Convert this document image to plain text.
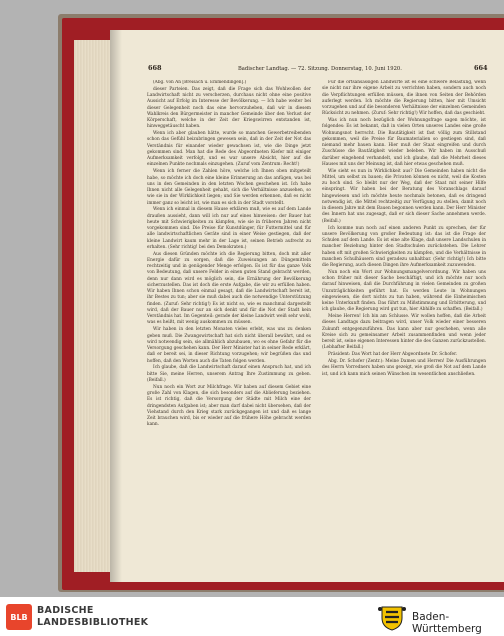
668	Badischer Landtag. — 72. Sitzung. Donnerstag, 10. Juni 1920.	664

(Abg. von An [Breisach u. Emmendingen].)

dieser Parteien. Das zeigt, daß die Frage sich das Wohlwollen der Landwirtschaft nicht zu verscherzen, durchaus nicht ohne eine positive Aussicht auf Erfolg im Interesse der Bevölkerung. — Ich habe weiter bei dieser Gelegenheit noch das eine hervorzuheben, daß wir in diesem Wahlkreis den Bürgermeister in mancher Gemeinde über den Verlust der Körperschaft, welche in der Zeit der Kriegswirren entstanden ist, hinweggetäuscht haben.

Wenn ich aber glauben hätte, wurde so manchen Gewerbetreibenden schon das Gefühl beizubringen gewesen sein, daß in der Zeit der Not das Verständnis für einander wieder gewachsen ist, wie die Dinge jetzt gekommen sind. Man hat die Rede des Abgeordneten Kiefer mit einiger Aufmerksamkeit verfolgt, und es war unsere Absicht, hier auf die einzelnen Punkte nochmals einzugehen. (Zuruf vom Zentrum: Recht!)

Wenn ich ferner die Zahlen höre, welche ich Ihnen oben mitgeteilt habe, so möchte ich doch eine kleine Erinnerung an das anfügen, was bei uns in den Gemeinden in den letzten Wochen geschehen ist. Ich habe Ihnen nicht alle Gelegenheit gehabt, sich die Verhältnisse anzusehen, so wie sie in der Wirklichkeit liegen; und Sie werden erkennen, daß es nicht immer ganz so leicht ist, wie man es sich in der Stadt vorstellt.

Wenn ich einmal in diesem Hause erklären muß, wie es auf dem Lande draußen aussieht, dann will ich nur auf eines hinweisen: der Bauer hat heute mit Schwierigkeiten zu kämpfen, wie sie in früheren Jahren nicht vorgekommen sind. Die Preise für Kunstdünger, für Futtermittel und für alle landwirtschaftlichen Geräte sind in einer Weise gestiegen, daß der kleine Landwirt kaum mehr in der Lage ist, seinen Betrieb aufrecht zu erhalten. (Sehr richtig! bei den Demokraten.)

Aus diesen Gründen möchte ich die Regierung bitten, doch mit aller Energie dafür zu sorgen, daß die Zuweisungen an Düngemitteln rechtzeitig und in genügender Menge erfolgen. Es ist für das ganze Volk von Bedeutung, daß unsere Felder in einen guten Stand gebracht werden, denn nur dann wird es möglich sein, die Ernährung der Bevölkerung sicherzustellen. Das ist doch die erste Aufgabe, die wir zu erfüllen haben. Wir haben Ihnen schon einmal gesagt, daß die Landwirtschaft bereit ist, ihr Bestes zu tun; aber sie muß dabei auch die notwendige Unterstützung finden. (Zuruf: Sehr richtig!) Es ist nicht so, wie es manchmal dargestellt wird, daß der Bauer nur an sich denkt und für die Not der Stadt kein Verständnis hat. Im Gegenteil: gerade der kleine Landwirt weiß sehr wohl, was es heißt, mit wenig auskommen zu müssen.

Wir haben in den letzten Monaten vieles erlebt, was uns zu denken geben muß. Die Zwangswirtschaft hat sich nicht überall bewährt, und es wird notwendig sein, sie allmählich abzubauen, wo es ohne Gefahr für die Versorgung geschehen kann. Der Herr Minister hat in seiner Rede erklärt, daß er bereit sei, in dieser Richtung vorzugehen; wir begrüßen das und hoffen, daß den Worten auch die Taten folgen werden.

Ich glaube, daß die Landwirtschaft darauf einen Anspruch hat, und ich bitte Sie, meine Herren, unserem Antrag Ihre Zustimmung zu geben. (Beifall.)

Nun noch ein Wort zur Milchfrage. Wir haben auf diesem Gebiet eine große Zahl von Klagen, die sich besonders auf die Ablieferung beziehen. Es ist richtig, daß die Versorgung der Städte mit Milch eine der dringendsten Aufgaben ist; aber man darf dabei nicht übersehen, daß der Viehstand durch den Krieg stark zurückgegangen ist und daß es lange Zeit brauchen wird, bis er wieder auf die frühere Höhe gebracht werden kann.

Für die ortsansässigen Landwirte ist es eine schwere Belastung, wenn sie nicht nur ihre eigene Arbeit zu verrichten haben, sondern auch noch die Verpflichtungen erfüllen müssen, die ihnen von Seiten der Behörden auferlegt werden. Ich möchte die Regierung bitten, hier mit Umsicht vorzugehen und auf die besonderen Verhältnisse der einzelnen Gemeinden Rücksicht zu nehmen. (Zuruf: Sehr richtig!) Wir hoffen, daß das geschieht.

Was ich nun noch bezüglich der Wohnungsfrage sagen möchte, ist folgendes: Es ist bekannt, daß in vielen Orten unseres Landes eine große Wohnungsnot herrscht. Die Bautätigkeit ist fast völlig zum Stillstand gekommen, weil die Preise für Baumaterialien so gestiegen sind, daß niemand mehr bauen kann. Hier muß der Staat eingreifen und durch Zuschüsse die Bautätigkeit wieder beleben. Wir haben im Ausschuß darüber eingehend verhandelt, und ich glaube, daß die Mehrheit dieses Hauses mit uns der Meinung ist, daß hier etwas geschehen muß.

Wie sieht es nun in Wirklichkeit aus? Die Gemeinden haben nicht die Mittel, um selbst zu bauen; die Privaten können es nicht, weil die Kosten zu hoch sind. So bleibt nur der Weg, daß der Staat mit seiner Hilfe einspringt. Wir haben bei der Beratung des Voranschlags darauf hingewiesen und ich möchte heute nochmals betonen, daß es dringend notwendig ist, die Mittel rechtzeitig zur Verfügung zu stellen, damit noch in diesem Jahre mit dem Bauen begonnen werden kann. Der Herr Minister des Innern hat uns zugesagt, daß er sich dieser Sache annehmen werde. (Beifall.)

Ich komme nun noch auf einen anderen Punkt zu sprechen, der für unsere Bevölkerung von großer Bedeutung ist: das ist die Frage der Schulen auf dem Lande. Es ist eine alte Klage, daß unsere Landschulen in mancher Beziehung hinter den Stadtschulen zurückstehen. Die Lehrer haben oft mit großen Schwierigkeiten zu kämpfen, und die Verhältnisse in manchen Schulhäusern sind geradezu unhaltbar. (Sehr richtig!) Ich bitte die Regierung, auch diesen Dingen ihre Aufmerksamkeit zuzuwenden.

Nun noch ein Wort zur Wohnungsmangelverordnung. Wir haben uns schon früher mit dieser Sache beschäftigt, und ich möchte nur noch darauf hinweisen, daß die Durchführung in vielen Gemeinden zu großen Unzuträglichkeiten geführt hat. Es werden Leute in Wohnungen eingewiesen, die dort nichts zu tun haben, während die Einheimischen keine Unterkunft finden. Das führt zu Mißstimmung und Erbitterung, und ich glaube, die Regierung wird gut tun, hier Abhilfe zu schaffen. (Beifall.)

Meine Herren! Ich bin am Schlusse. Wir wollen hoffen, daß die Arbeit dieses Landtags dazu beitragen wird, unser Volk wieder einer besseren Zukunft entgegenzuführen. Das kann aber nur geschehen, wenn alle Kreise sich zu gemeinsamer Arbeit zusammenfinden und wenn jeder bereit ist, seine eigenen Interessen hinter die des Ganzen zurückzustellen. (Lebhafter Beifall.)

Präsident: Das Wort hat der Herr Abgeordnete Dr. Schofer.

Abg. Dr. Schofer (Zentr.): Meine Damen und Herren! Die Ausführungen des Herrn Vorredners haben uns gezeigt, wie groß die Not auf dem Lande ist, und ich kann mich seinen Wünschen im wesentlichen anschließen.

BLB
BADISCHE
LANDESBIBLIOTHEK	Baden-Württemberg
